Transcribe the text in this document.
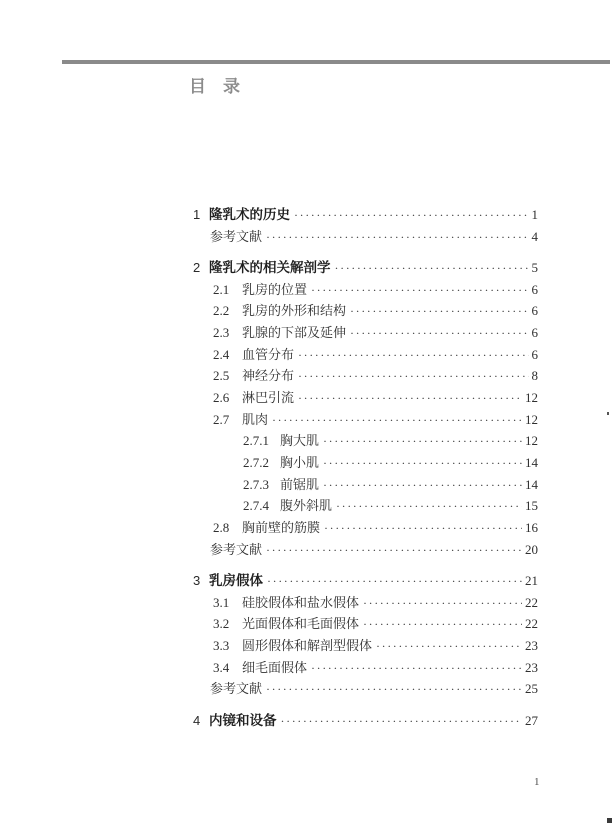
目　录
1 隆乳术的历史 ·····	1
参考文献 ·····	4
2 隆乳术的相关解剖学 ·····	5
2.1 乳房的位置 ·····	6
2.2 乳房的外形和结构 ·····	6
2.3 乳腺的下部及延伸 ·····	6
2.4 血管分布 ·····	6
2.5 神经分布 ·····	8
2.6 淋巴引流 ·····	12
2.7 肌肉 ·····	12
2.7.1 胸大肌 ·····	12
2.7.2 胸小肌 ·····	14
2.7.3 前锯肌 ·····	14
2.7.4 腹外斜肌 ·····	15
2.8 胸前壁的筋膜 ·····	16
参考文献 ·····	20
3 乳房假体 ·····	21
3.1 硅胶假体和盐水假体 ·····	22
3.2 光面假体和毛面假体 ·····	22
3.3 圆形假体和解剖型假体 ·····	23
3.4 细毛面假体 ·····	23
参考文献 ·····	25
4 内镜和设备 ·····	27
1
